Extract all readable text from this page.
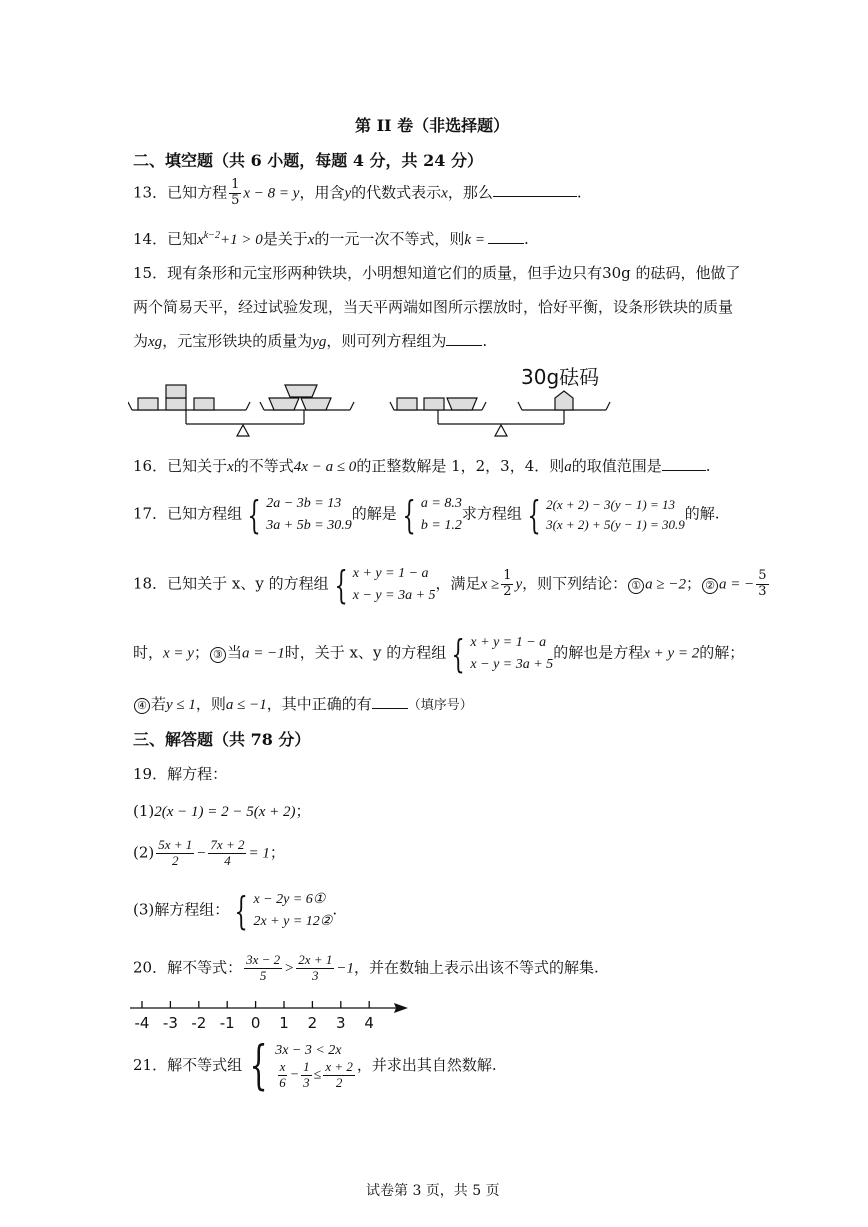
第 II 卷（非选择题）
二、填空题（共 6 小题，每题 4 分，共 24 分）
13．已知方程 $\frac{1}{5}$ x − 8 = y，用含y的代数式表示x，那么	.
14．已知$x^{k-2}+1 > 0$是关于x的一元一次不等式，则k =	.
15．现有条形和元宝形两种铁块，小明想知道它们的质量，但手边只有30g 的砝码，他做了
两个简易天平，经过试验发现，当天平两端如图所示摆放时，恰好平衡，设条形铁块的质量
为xg，元宝形铁块的质量为yg，则可列方程组为 .
30g砝码
16．已知关于x的不等式4x − a ≤ 0的正整数解是 1，2，3，4．则a的取值范围是	.
17．已知方程组 { 2a − 3b = 13
3a + 5b = 30.9
的解是 { a = 8.3
b = 1.2
求方程组 { 2(x + 2) − 3(y − 1) = 13
3(x + 2) + 5(y − 1) = 30.9
的解.
18．已知关于 x、y 的方程组 { x + y = 1 − a
x − y = 3a + 5
，满足$x \ge \frac{1}{2}$ y，则下列结论： ① a ≥ −2； ② a = − $\frac{5}{3}$
时，x = y； ③ 当a = −1时，关于 x、y 的方程组 { x + y = 1 − a
x − y = 3a + 5
的解也是方程x + y = 2的解；
④ 若y ≤ 1，则a ≤ −1，其中正确的有	（填序号）
三、解答题（共 78 分）
19．解方程：
(1)2(x − 1) = 2 − 5(x + 2)；
$(2) \frac{5x + 1}{2} - \frac{7x + 2}{4} = 1$；
(3)解方程组： { x − 2y = 6①
2x + y = 12②
.
20．解不等式： $\frac{3x - 2}{5} > \frac{2x + 1}{3} -1$，并在数轴上表示出该不等式的解集.
-4 -3 -2 -1 0 1 2 3 4
21．解不等式组 { 3x − 3 < 2x
$\frac{x}{6} - \frac{1}{3} \le \frac{x + 2}{2}$ ，并求出其自然数解.
试卷第 3 页，共 5 页
